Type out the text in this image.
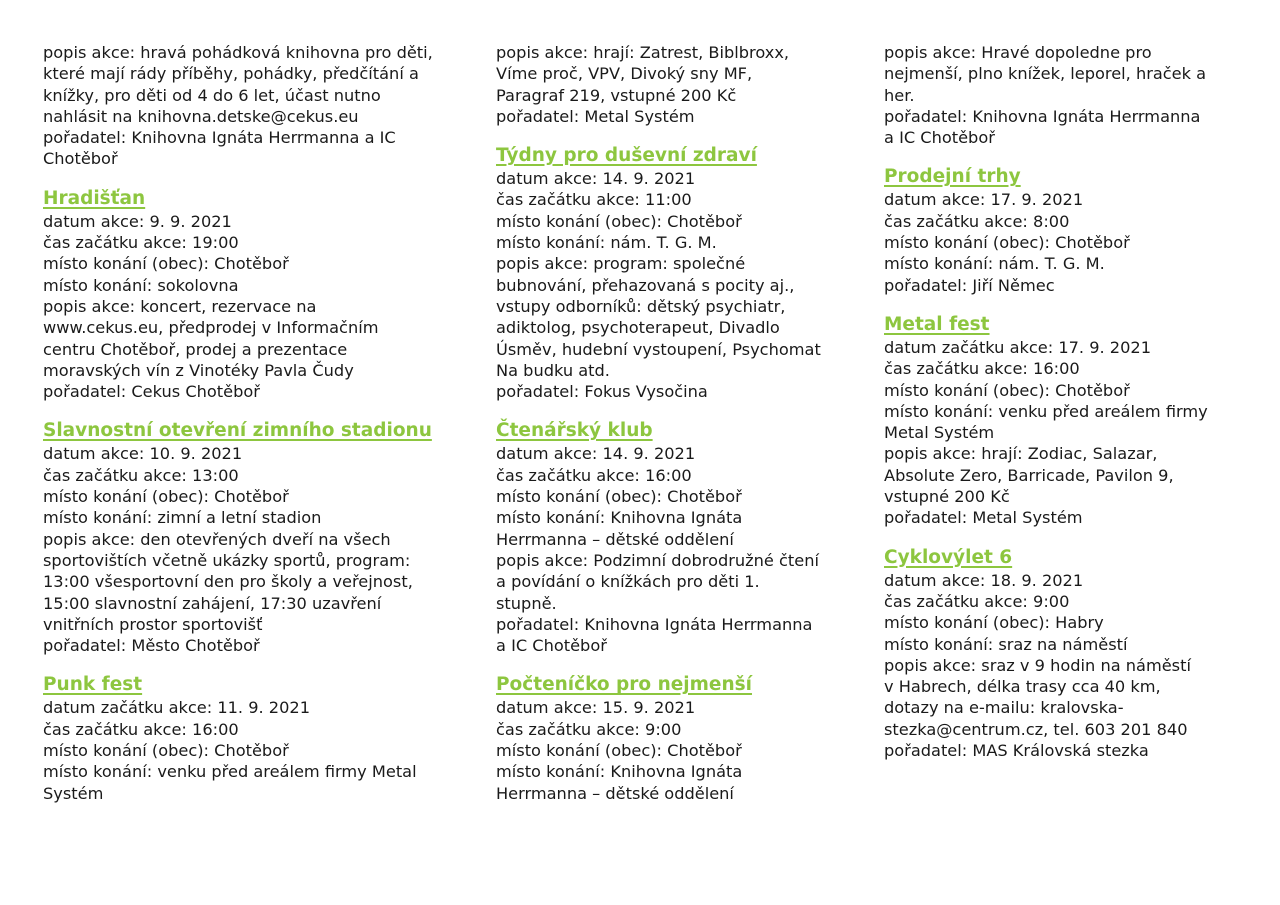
popis akce: hravá pohádková knihovna pro děti,
které mají rády příběhy, pohádky, předčítání a
knížky, pro děti od 4 do 6 let, účast nutno
nahlásit na knihovna.detske@cekus.eu
pořadatel: Knihovna Ignáta Herrmanna a IC
Chotěboř
Hradišťan
datum akce: 9. 9. 2021
čas začátku akce: 19:00
místo konání (obec): Chotěboř
místo konání: sokolovna
popis akce: koncert, rezervace na
www.cekus.eu, předprodej v Informačním
centru Chotěboř, prodej a prezentace
moravských vín z Vinotéky Pavla Čudy
pořadatel: Cekus Chotěboř
Slavnostní otevření zimního stadionu
datum akce: 10. 9. 2021
čas začátku akce: 13:00
místo konání (obec): Chotěboř
místo konání: zimní a letní stadion
popis akce: den otevřených dveří na všech
sportovištích včetně ukázky sportů, program:
13:00 všesportovní den pro školy a veřejnost,
15:00 slavnostní zahájení, 17:30 uzavření
vnitřních prostor sportovišť
pořadatel: Město Chotěboř
Punk fest
datum začátku akce: 11. 9. 2021
čas začátku akce: 16:00
místo konání (obec): Chotěboř
místo konání: venku před areálem firmy Metal
Systém
popis akce: hrají: Zatrest, Biblbroxx,
Víme proč, VPV, Divoký sny MF,
Paragraf 219, vstupné 200 Kč
pořadatel: Metal Systém
Týdny pro duševní zdraví
datum akce: 14. 9. 2021
čas začátku akce: 11:00
místo konání (obec): Chotěboř
místo konání: nám. T. G. M.
popis akce: program: společné
bubnování, přehazovaná s pocity aj.,
vstupy odborníků: dětský psychiatr,
adiktolog, psychoterapeut, Divadlo
Úsměv, hudební vystoupení, Psychomat
Na budku atd.
pořadatel: Fokus Vysočina
Čtenářský klub
datum akce: 14. 9. 2021
čas začátku akce: 16:00
místo konání (obec): Chotěboř
místo konání: Knihovna Ignáta
Herrmanna – dětské oddělení
popis akce: Podzimní dobrodružné čtení
a povídání o knížkách pro děti 1.
stupně.
pořadatel: Knihovna Ignáta Herrmanna
a IC Chotěboř
Počteníčko pro nejmenší
datum akce: 15. 9. 2021
čas začátku akce: 9:00
místo konání (obec): Chotěboř
místo konání: Knihovna Ignáta
Herrmanna – dětské oddělení
popis akce: Hravé dopoledne pro
nejmenší, plno knížek, leporel, hraček a
her.
pořadatel: Knihovna Ignáta Herrmanna
a IC Chotěboř
Prodejní trhy
datum akce: 17. 9. 2021
čas začátku akce: 8:00
místo konání (obec): Chotěboř
místo konání: nám. T. G. M.
pořadatel: Jiří Němec
Metal fest
datum začátku akce: 17. 9. 2021
čas začátku akce: 16:00
místo konání (obec): Chotěboř
místo konání: venku před areálem firmy
Metal Systém
popis akce: hrají: Zodiac, Salazar,
Absolute Zero, Barricade, Pavilon 9,
vstupné 200 Kč
pořadatel: Metal Systém
Cyklovýlet 6
datum akce: 18. 9. 2021
čas začátku akce: 9:00
místo konání (obec): Habry
místo konání: sraz na náměstí
popis akce: sraz v 9 hodin na náměstí
v Habrech, délka trasy cca 40 km,
dotazy na e-mailu: kralovska-
stezka@centrum.cz, tel. 603 201 840
pořadatel: MAS Královská stezka
